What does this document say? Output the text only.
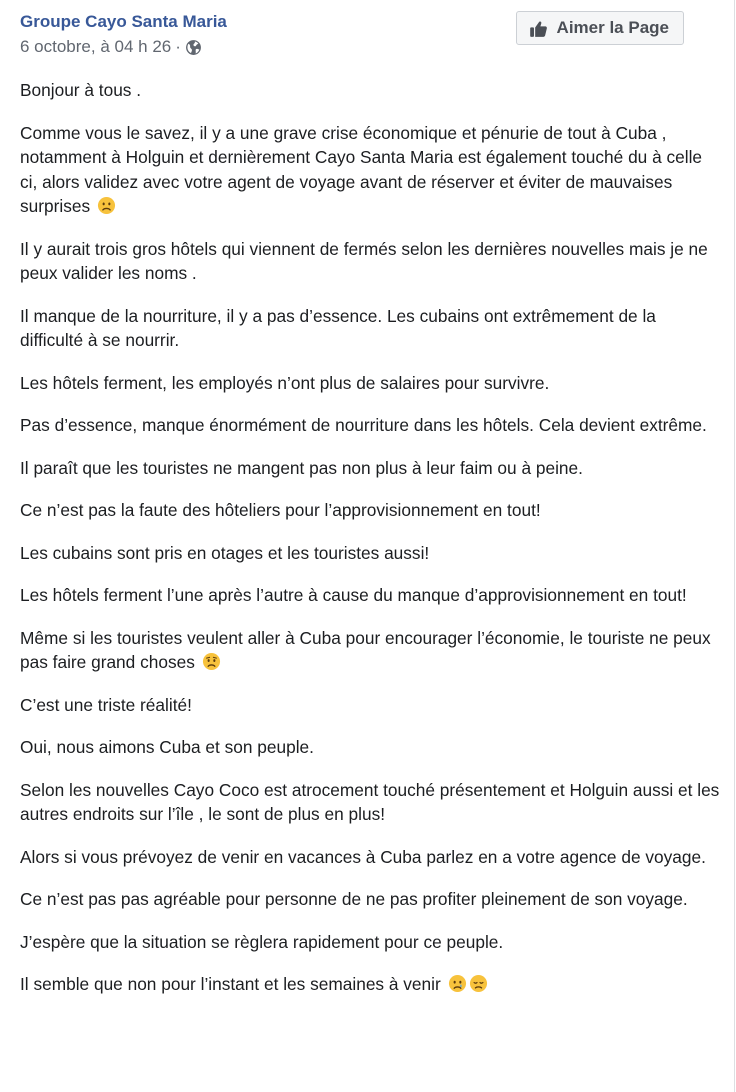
Groupe Cayo Santa Maria
6 octobre, à 04 h 26 ·
Aimer la Page

Bonjour à tous .

Comme vous le savez, il y a une grave crise économique et pénurie de tout à Cuba , notamment à Holguin et dernièrement Cayo Santa Maria est également touché du à celle ci, alors validez avec votre agent de voyage avant de réserver et éviter de mauvaises surprises

Il y aurait trois gros hôtels qui viennent de fermés selon les dernières nouvelles mais je ne peux valider les noms .

Il manque de la nourriture, il y a pas d’essence. Les cubains ont extrêmement de la difficulté à se nourrir.

Les hôtels ferment, les employés n’ont plus de salaires pour survivre.

Pas d’essence, manque énormément de nourriture dans les hôtels. Cela devient extrême.

Il paraît que les touristes ne mangent pas non plus à leur faim ou à peine.

Ce n’est pas la faute des hôteliers pour l’approvisionnement en tout!

Les cubains sont pris en otages et les touristes aussi!

Les hôtels ferment l’une après l’autre à cause du manque d’approvisionnement en tout!

Même si les touristes veulent aller à Cuba pour encourager l’économie, le touriste ne peux pas faire grand choses

C’est une triste réalité!

Oui, nous aimons Cuba et son peuple.

Selon les nouvelles Cayo Coco est atrocement touché présentement et Holguin aussi et les autres endroits sur l’île , le sont de plus en plus!

Alors si vous prévoyez de venir en vacances à Cuba parlez en a votre agence de voyage.

Ce n’est pas pas agréable pour personne de ne pas profiter pleinement de son voyage.

J’espère que la situation se règlera rapidement pour ce peuple.

Il semble que non pour l’instant et les semaines à venir
